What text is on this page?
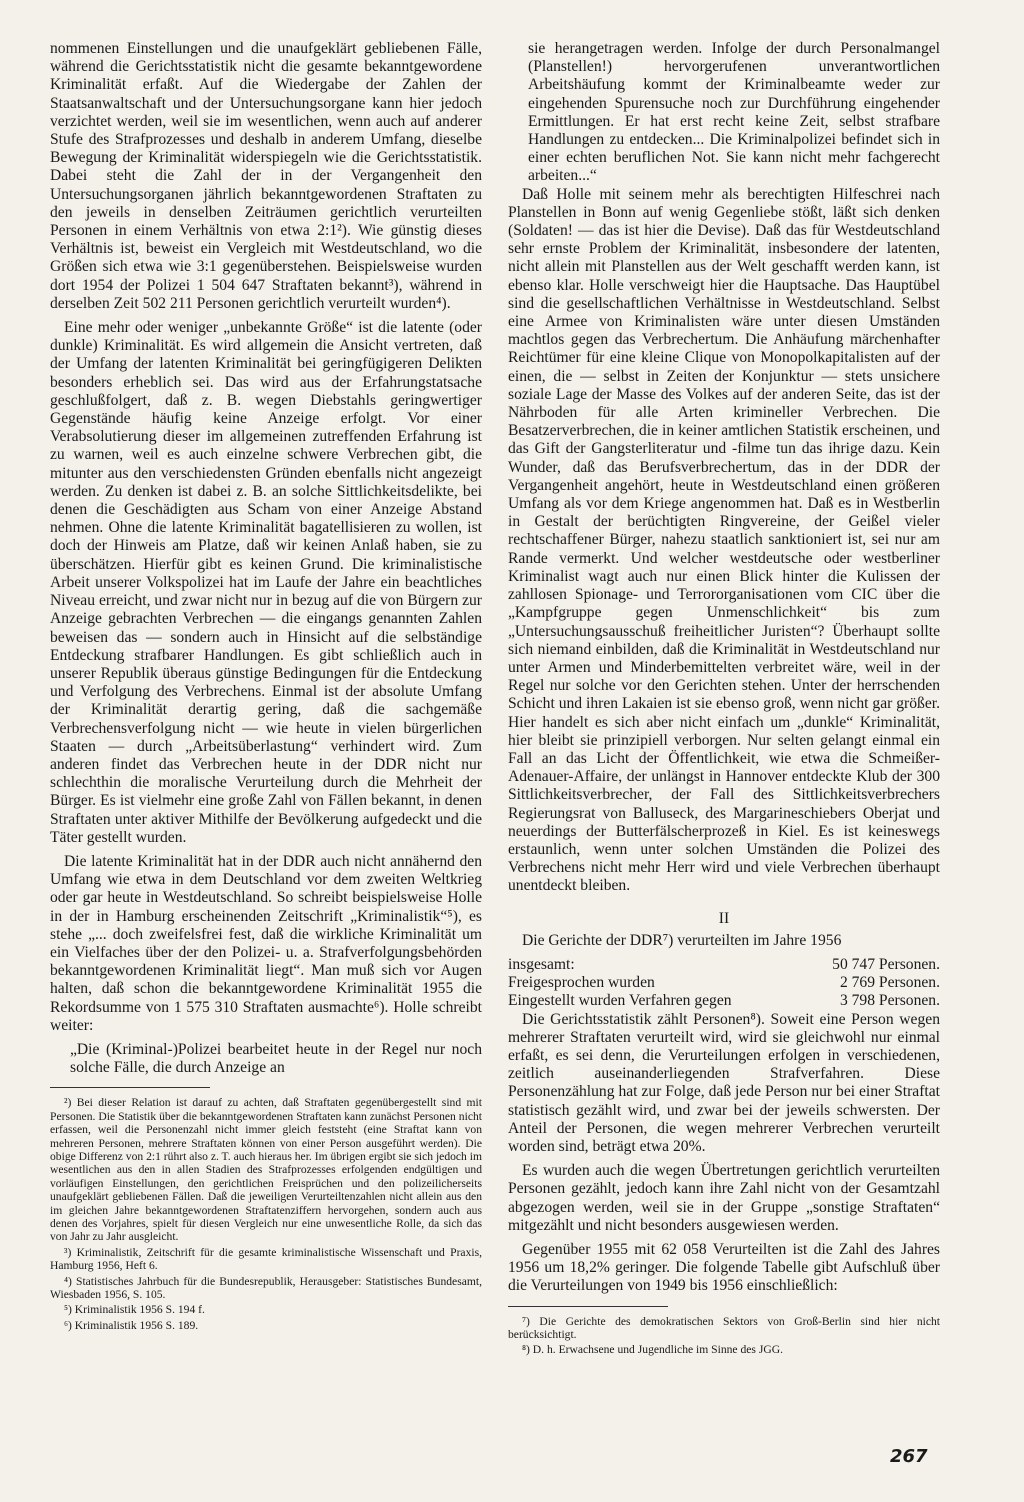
nommenen Einstellungen und die unaufgeklärt gebliebenen Fälle, während die Gerichtsstatistik nicht die gesamte bekanntgewordene Kriminalität erfaßt. Auf die Wiedergabe der Zahlen der Staatsanwaltschaft und der Untersuchungsorgane kann hier jedoch verzichtet werden, weil sie im wesentlichen, wenn auch auf anderer Stufe des Strafprozesses und deshalb in anderem Umfang, dieselbe Bewegung der Kriminalität widerspiegeln wie die Gerichtsstatistik. Dabei steht die Zahl der in der Vergangenheit den Untersuchungsorganen jährlich bekanntgewordenen Straftaten zu den jeweils in denselben Zeiträumen gerichtlich verurteilten Personen in einem Verhältnis von etwa 2:1²). Wie günstig dieses Verhältnis ist, beweist ein Vergleich mit Westdeutschland, wo die Größen sich etwa wie 3:1 gegenüberstehen. Beispielsweise wurden dort 1954 der Polizei 1 504 647 Straftaten bekannt³), während in derselben Zeit 502 211 Personen gerichtlich verurteilt wurden⁴).

Eine mehr oder weniger „unbekannte Größe“ ist die latente (oder dunkle) Kriminalität. Es wird allgemein die Ansicht vertreten, daß der Umfang der latenten Kriminalität bei geringfügigeren Delikten besonders erheblich sei. Das wird aus der Erfahrungstatsache geschlußfolgert, daß z. B. wegen Diebstahls geringwertiger Gegenstände häufig keine Anzeige erfolgt. Vor einer Verabsolutierung dieser im allgemeinen zutreffenden Erfahrung ist zu warnen, weil es auch einzelne schwere Verbrechen gibt, die mitunter aus den verschiedensten Gründen ebenfalls nicht angezeigt werden. Zu denken ist dabei z. B. an solche Sittlichkeitsdelikte, bei denen die Geschädigten aus Scham von einer Anzeige Abstand nehmen. Ohne die latente Kriminalität bagatellisieren zu wollen, ist doch der Hinweis am Platze, daß wir keinen Anlaß haben, sie zu überschätzen. Hierfür gibt es keinen Grund. Die kriminalistische Arbeit unserer Volkspolizei hat im Laufe der Jahre ein beachtliches Niveau erreicht, und zwar nicht nur in bezug auf die von Bürgern zur Anzeige gebrachten Verbrechen — die eingangs genannten Zahlen beweisen das — sondern auch in Hinsicht auf die selbständige Entdeckung strafbarer Handlungen. Es gibt schließlich auch in unserer Republik überaus günstige Bedingungen für die Entdeckung und Verfolgung des Verbrechens. Einmal ist der absolute Umfang der Kriminalität derartig gering, daß die sachgemäße Verbrechensverfolgung nicht — wie heute in vielen bürgerlichen Staaten — durch „Arbeitsüberlastung“ verhindert wird. Zum anderen findet das Verbrechen heute in der DDR nicht nur schlechthin die moralische Verurteilung durch die Mehrheit der Bürger. Es ist vielmehr eine große Zahl von Fällen bekannt, in denen Straftaten unter aktiver Mithilfe der Bevölkerung aufgedeckt und die Täter gestellt wurden.

Die latente Kriminalität hat in der DDR auch nicht annähernd den Umfang wie etwa in dem Deutschland vor dem zweiten Weltkrieg oder gar heute in Westdeutschland. So schreibt beispielsweise Holle in der in Hamburg erscheinenden Zeitschrift „Kriminalistik“⁵), es stehe „... doch zweifelsfrei fest, daß die wirkliche Kriminalität um ein Vielfaches über der den Polizei- u. a. Strafverfolgungsbehörden bekanntgewordenen Kriminalität liegt“. Man muß sich vor Augen halten, daß schon die bekanntgewordene Kriminalität 1955 die Rekordsumme von 1 575 310 Straftaten ausmachte⁶). Holle schreibt weiter:

„Die (Kriminal-)Polizei bearbeitet heute in der Regel nur noch solche Fälle, die durch Anzeige an

²) Bei dieser Relation ist darauf zu achten, daß Straftaten gegenübergestellt sind mit Personen. Die Statistik über die bekanntgewordenen Straftaten kann zunächst Personen nicht erfassen, weil die Personenzahl nicht immer gleich feststeht (eine Straftat kann von mehreren Personen, mehrere Straftaten können von einer Person ausgeführt werden). Die obige Differenz von 2:1 rührt also z. T. auch hieraus her. Im übrigen ergibt sie sich jedoch im wesentlichen aus den in allen Stadien des Strafprozesses erfolgenden endgültigen und vorläufigen Einstellungen, den gerichtlichen Freisprüchen und den polizeilicherseits unaufgeklärt gebliebenen Fällen. Daß die jeweiligen Verurteiltenzahlen nicht allein aus den im gleichen Jahre bekanntgewordenen Straftatenziffern hervorgehen, sondern auch aus denen des Vorjahres, spielt für diesen Vergleich nur eine unwesentliche Rolle, da sich das von Jahr zu Jahr ausgleicht.

³) Kriminalistik, Zeitschrift für die gesamte kriminalistische Wissenschaft und Praxis, Hamburg 1956, Heft 6.

⁴) Statistisches Jahrbuch für die Bundesrepublik, Herausgeber: Statistisches Bundesamt, Wiesbaden 1956, S. 105.

⁵) Kriminalistik 1956 S. 194 f.

⁶) Kriminalistik 1956 S. 189.

sie herangetragen werden. Infolge der durch Personalmangel (Planstellen!) hervorgerufenen unverantwortlichen Arbeitshäufung kommt der Kriminalbeamte weder zur eingehenden Spurensuche noch zur Durchführung eingehender Ermittlungen. Er hat erst recht keine Zeit, selbst strafbare Handlungen zu entdecken... Die Kriminalpolizei befindet sich in einer echten beruflichen Not. Sie kann nicht mehr fachgerecht arbeiten...“

Daß Holle mit seinem mehr als berechtigten Hilfeschrei nach Planstellen in Bonn auf wenig Gegenliebe stößt, läßt sich denken (Soldaten! — das ist hier die Devise). Daß das für Westdeutschland sehr ernste Problem der Kriminalität, insbesondere der latenten, nicht allein mit Planstellen aus der Welt geschafft werden kann, ist ebenso klar. Holle verschweigt hier die Hauptsache. Das Hauptübel sind die gesellschaftlichen Verhältnisse in Westdeutschland. Selbst eine Armee von Kriminalisten wäre unter diesen Umständen machtlos gegen das Verbrechertum. Die Anhäufung märchenhafter Reichtümer für eine kleine Clique von Monopolkapitalisten auf der einen, die — selbst in Zeiten der Konjunktur — stets unsichere soziale Lage der Masse des Volkes auf der anderen Seite, das ist der Nährboden für alle Arten krimineller Verbrechen. Die Besatzerverbrechen, die in keiner amtlichen Statistik erscheinen, und das Gift der Gangsterliteratur und -filme tun das ihrige dazu. Kein Wunder, daß das Berufsverbrechertum, das in der DDR der Vergangenheit angehört, heute in Westdeutschland einen größeren Umfang als vor dem Kriege angenommen hat. Daß es in Westberlin in Gestalt der berüchtigten Ringvereine, der Geißel vieler rechtschaffener Bürger, nahezu staatlich sanktioniert ist, sei nur am Rande vermerkt. Und welcher westdeutsche oder westberliner Kriminalist wagt auch nur einen Blick hinter die Kulissen der zahllosen Spionage- und Terrororganisationen vom CIC über die „Kampfgruppe gegen Unmenschlichkeit“ bis zum „Untersuchungsausschuß freiheitlicher Juristen“? Überhaupt sollte sich niemand einbilden, daß die Kriminalität in Westdeutschland nur unter Armen und Minderbemittelten verbreitet wäre, weil in der Regel nur solche vor den Gerichten stehen. Unter der herrschenden Schicht und ihren Lakaien ist sie ebenso groß, wenn nicht gar größer. Hier handelt es sich aber nicht einfach um „dunkle“ Kriminalität, hier bleibt sie prinzipiell verborgen. Nur selten gelangt einmal ein Fall an das Licht der Öffentlichkeit, wie etwa die Schmeißer-Adenauer-Affaire, der unlängst in Hannover entdeckte Klub der 300 Sittlichkeitsverbrecher, der Fall des Sittlichkeitsverbrechers Regierungsrat von Balluseck, des Margarineschiebers Oberjat und neuerdings der Butterfälscherprozeß in Kiel. Es ist keineswegs erstaunlich, wenn unter solchen Umständen die Polizei des Verbrechens nicht mehr Herr wird und viele Verbrechen überhaupt unentdeckt bleiben.

II

Die Gerichte der DDR⁷) verurteilten im Jahre 1956

insgesamt:	50 747 Personen.
Freigesprochen wurden	2 769 Personen.
Eingestellt wurden Verfahren gegen	3 798 Personen.

Die Gerichtsstatistik zählt Personen⁸). Soweit eine Person wegen mehrerer Straftaten verurteilt wird, wird sie gleichwohl nur einmal erfaßt, es sei denn, die Verurteilungen erfolgen in verschiedenen, zeitlich auseinanderliegenden Strafverfahren. Diese Personenzählung hat zur Folge, daß jede Person nur bei einer Straftat statistisch gezählt wird, und zwar bei der jeweils schwersten. Der Anteil der Personen, die wegen mehrerer Verbrechen verurteilt worden sind, beträgt etwa 20%.

Es wurden auch die wegen Übertretungen gerichtlich verurteilten Personen gezählt, jedoch kann ihre Zahl nicht von der Gesamtzahl abgezogen werden, weil sie in der Gruppe „sonstige Straftaten“ mitgezählt und nicht besonders ausgewiesen werden.

Gegenüber 1955 mit 62 058 Verurteilten ist die Zahl des Jahres 1956 um 18,2% geringer. Die folgende Tabelle gibt Aufschluß über die Verurteilungen von 1949 bis 1956 einschließlich:

⁷) Die Gerichte des demokratischen Sektors von Groß-Berlin sind hier nicht berücksichtigt.

⁸) D. h. Erwachsene und Jugendliche im Sinne des JGG.

267
